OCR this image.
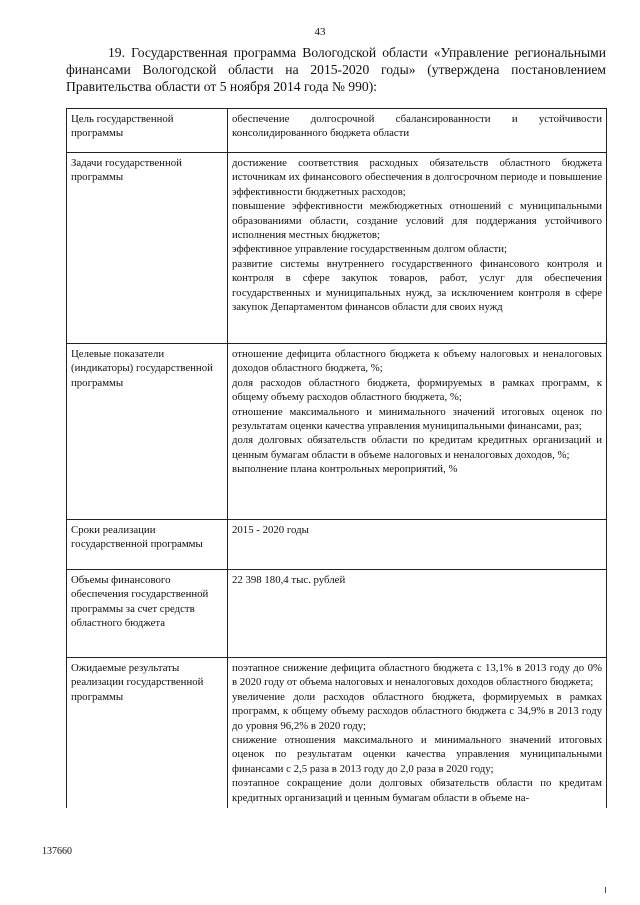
43

19. Государственная программа Вологодской области «Управление региональными финансами Вологодской области на 2015-2020 годы» (утверждена постановлением Правительства области от 5 ноября 2014 года № 990):

Цель государственной программы	обеспечение долгосрочной сбалансированности и устойчивости консолидированного бюджета области

Задачи государственной программы	достижение соответствия расходных обязательств областного бюджета источникам их финансового обеспечения в долгосрочном периоде и повышение эффективности бюджетных расходов;
повышение эффективности межбюджетных отношений с муниципальными образованиями области, создание условий для поддержания устойчивого исполнения местных бюджетов;
эффективное управление государственным долгом области;
развитие системы внутреннего государственного финансового контроля и контроля в сфере закупок товаров, работ, услуг для обеспечения государственных и муниципальных нужд, за исключением контроля в сфере закупок Департаментом финансов области для своих нужд

Целевые показатели (индикаторы) государственной программы	отношение дефицита областного бюджета к объему налоговых и неналоговых доходов областного бюджета, %;
доля расходов областного бюджета, формируемых в рамках программ, к общему объему расходов областного бюджета, %;
отношение максимального и минимального значений итоговых оценок по результатам оценки качества управления муниципальными финансами, раз;
доля долговых обязательств области по кредитам кредитных организаций и ценным бумагам области в объеме налоговых и неналоговых доходов, %;
выполнение плана контрольных мероприятий, %

Сроки реализации государственной программы	2015 - 2020 годы

Объемы финансового обеспечения государственной программы за счет средств областного бюджета	22 398 180,4 тыс. рублей

Ожидаемые результаты реализации государственной программы	поэтапное снижение дефицита областного бюджета с 13,1% в 2013 году до 0% в 2020 году от объема налоговых и неналоговых доходов областного бюджета;
увеличение доли расходов областного бюджета, формируемых в рамках программ, к общему объему расходов областного бюджета с 34,9% в 2013 году до уровня 96,2% в 2020 году;
снижение отношения максимального и минимального значений итоговых оценок по результатам оценки качества управления муниципальными финансами с 2,5 раза в 2013 году до 2,0 раза в 2020 году;
поэтапное сокращение доли долговых обязательств области по кредитам кредитных организаций и ценным бумагам области в объеме на-
137660
